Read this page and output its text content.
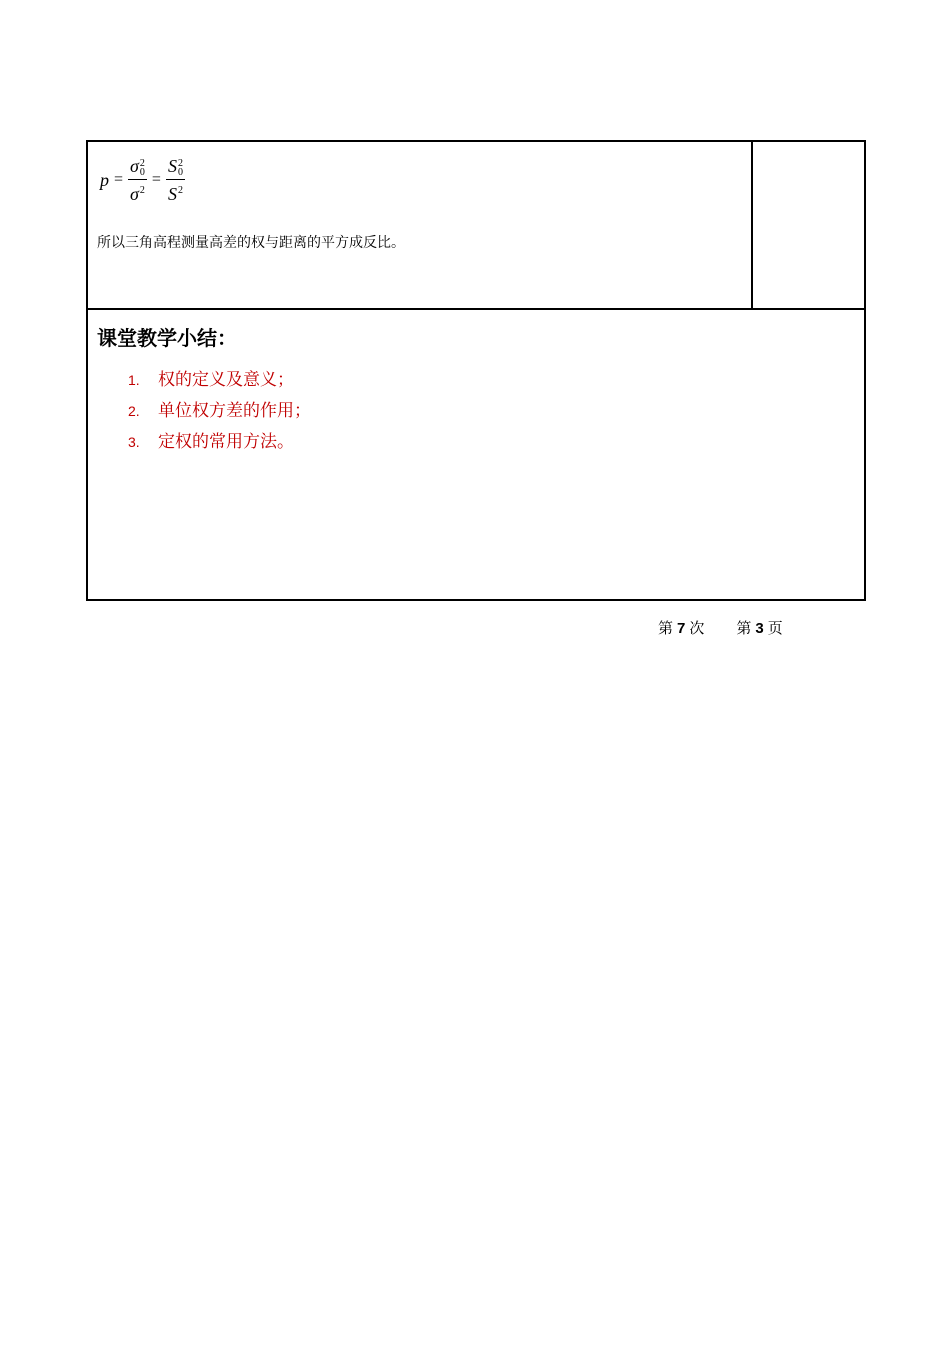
p = σ 2
0
$\sigma^2 = S$ 2
0
$S^2$
所以三角高程测量高差的权与距离的平方成反比。
课堂教学小结：
1.	权的定义及意义；
2.	单位权方差的作用；
3.	定权的常用方法。
第 7 次 第 3 页
